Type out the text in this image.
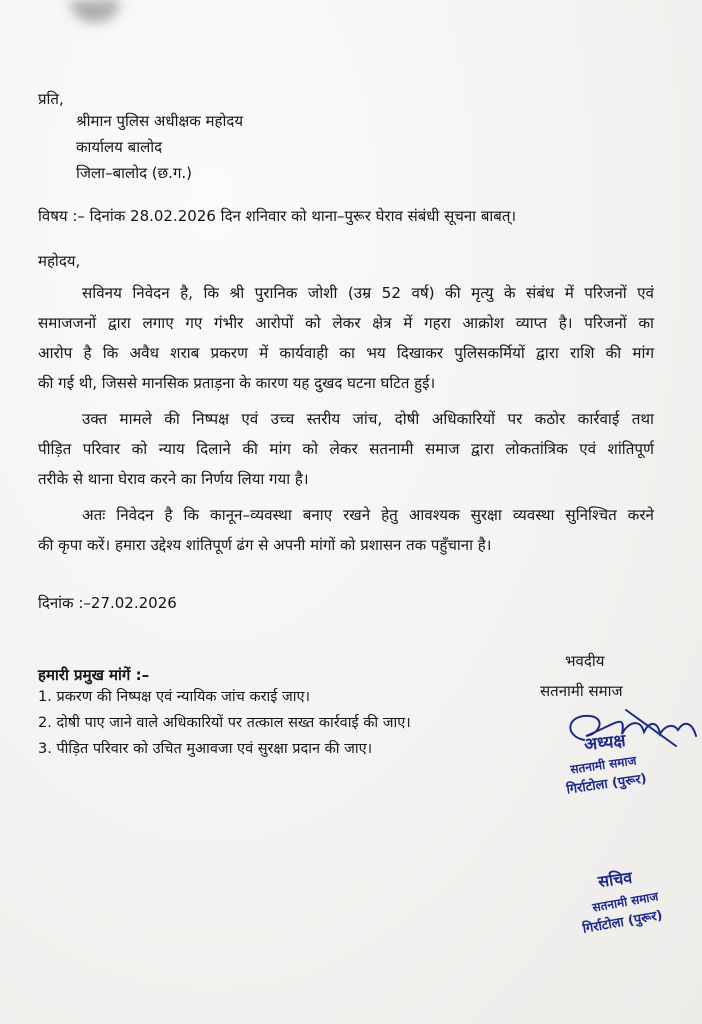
प्रति,
श्रीमान पुलिस अधीक्षक महोदय
कार्यालय बालोद
जिला–बालोद (छ.ग.)
विषय :– दिनांक 28.02.2026 दिन शनिवार को थाना–पुरूर घेराव संबंधी सूचना बाबत्।
महोदय,
सविनय निवेदन है, कि श्री पुरानिक जोशी (उम्र 52 वर्ष) की मृत्यु के संबंध में परिजनों एवं
समाजजनों द्वारा लगाए गए गंभीर आरोपों को लेकर क्षेत्र में गहरा आक्रोश व्याप्त है। परिजनों का
आरोप है कि अवैध शराब प्रकरण में कार्यवाही का भय दिखाकर पुलिसकर्मियों द्वारा राशि की मांग
की गई थी, जिससे मानसिक प्रताड़ना के कारण यह दुखद घटना घटित हुई।
उक्त मामले की निष्पक्ष एवं उच्च स्तरीय जांच, दोषी अधिकारियों पर कठोर कार्रवाई तथा
पीड़ित परिवार को न्याय दिलाने की मांग को लेकर सतनामी समाज द्वारा लोकतांत्रिक एवं शांतिपूर्ण
तरीके से थाना घेराव करने का निर्णय लिया गया है।
अतः निवेदन है कि कानून–व्यवस्था बनाए रखने हेतु आवश्यक सुरक्षा व्यवस्था सुनिश्चित करने
की कृपा करें। हमारा उद्देश्य शांतिपूर्ण ढंग से अपनी मांगों को प्रशासन तक पहुँचाना है।
दिनांक :–27.02.2026
हमारी प्रमुख मांगें :–
1. प्रकरण की निष्पक्ष एवं न्यायिक जांच कराई जाए।
2. दोषी पाए जाने वाले अधिकारियों पर तत्काल सख्त कार्रवाई की जाए।
3. पीड़ित परिवार को उचित मुआवजा एवं सुरक्षा प्रदान की जाए।
भवदीय
सतनामी समाज
अध्यक्ष
सतनामी समाज
गिर्राटोला (पुरूर)
सचिव
सतनामी समाज
गिर्राटोला (पुरूर)
